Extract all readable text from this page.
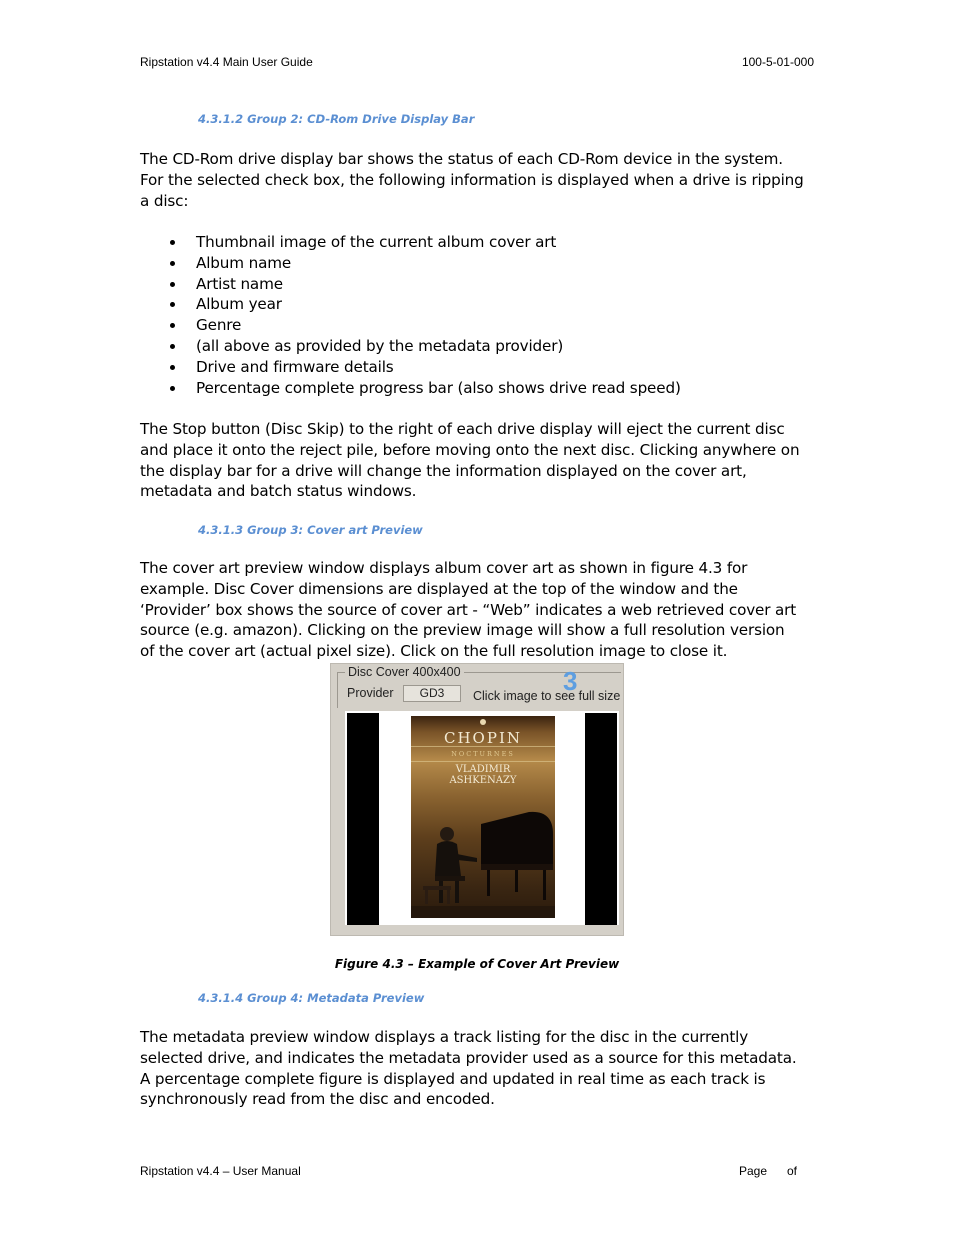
Ripstation v4.4 Main User Guide	100-5-01-000
4.3.1.2 Group 2: CD-Rom Drive Display Bar
The CD-Rom drive display bar shows the status of each CD-Rom device in the system.
For the selected check box, the following information is displayed when a drive is ripping
a disc:
Thumbnail image of the current album cover art
Album name
Artist name
Album year
Genre
(all above as provided by the metadata provider)
Drive and firmware details
Percentage complete progress bar (also shows drive read speed)
The Stop button (Disc Skip) to the right of each drive display will eject the current disc
and place it onto the reject pile, before moving onto the next disc. Clicking anywhere on
the display bar for a drive will change the information displayed on the cover art,
metadata and batch status windows.
4.3.1.3 Group 3: Cover art Preview
The cover art preview window displays album cover art as shown in figure 4.3 for
example. Disc Cover dimensions are displayed at the top of the window and the
‘Provider’ box shows the source of cover art - “Web” indicates a web retrieved cover art
source (e.g. amazon). Clicking on the preview image will show a full resolution version
of the cover art (actual pixel size). Click on the full resolution image to close it.
Disc Cover 400x400
Provider	GD3	3
Click image to see full size
CHOPIN
NOCTURNES
VLADIMIR
ASHKENAZY
Figure 4.3 – Example of Cover Art Preview
4.3.1.4 Group 4: Metadata Preview
The metadata preview window displays a track listing for the disc in the currently
selected drive, and indicates the metadata provider used as a source for this metadata.
A percentage complete figure is displayed and updated in real time as each track is
synchronously read from the disc and encoded.
Ripstation v4.4 – User Manual	Page of
